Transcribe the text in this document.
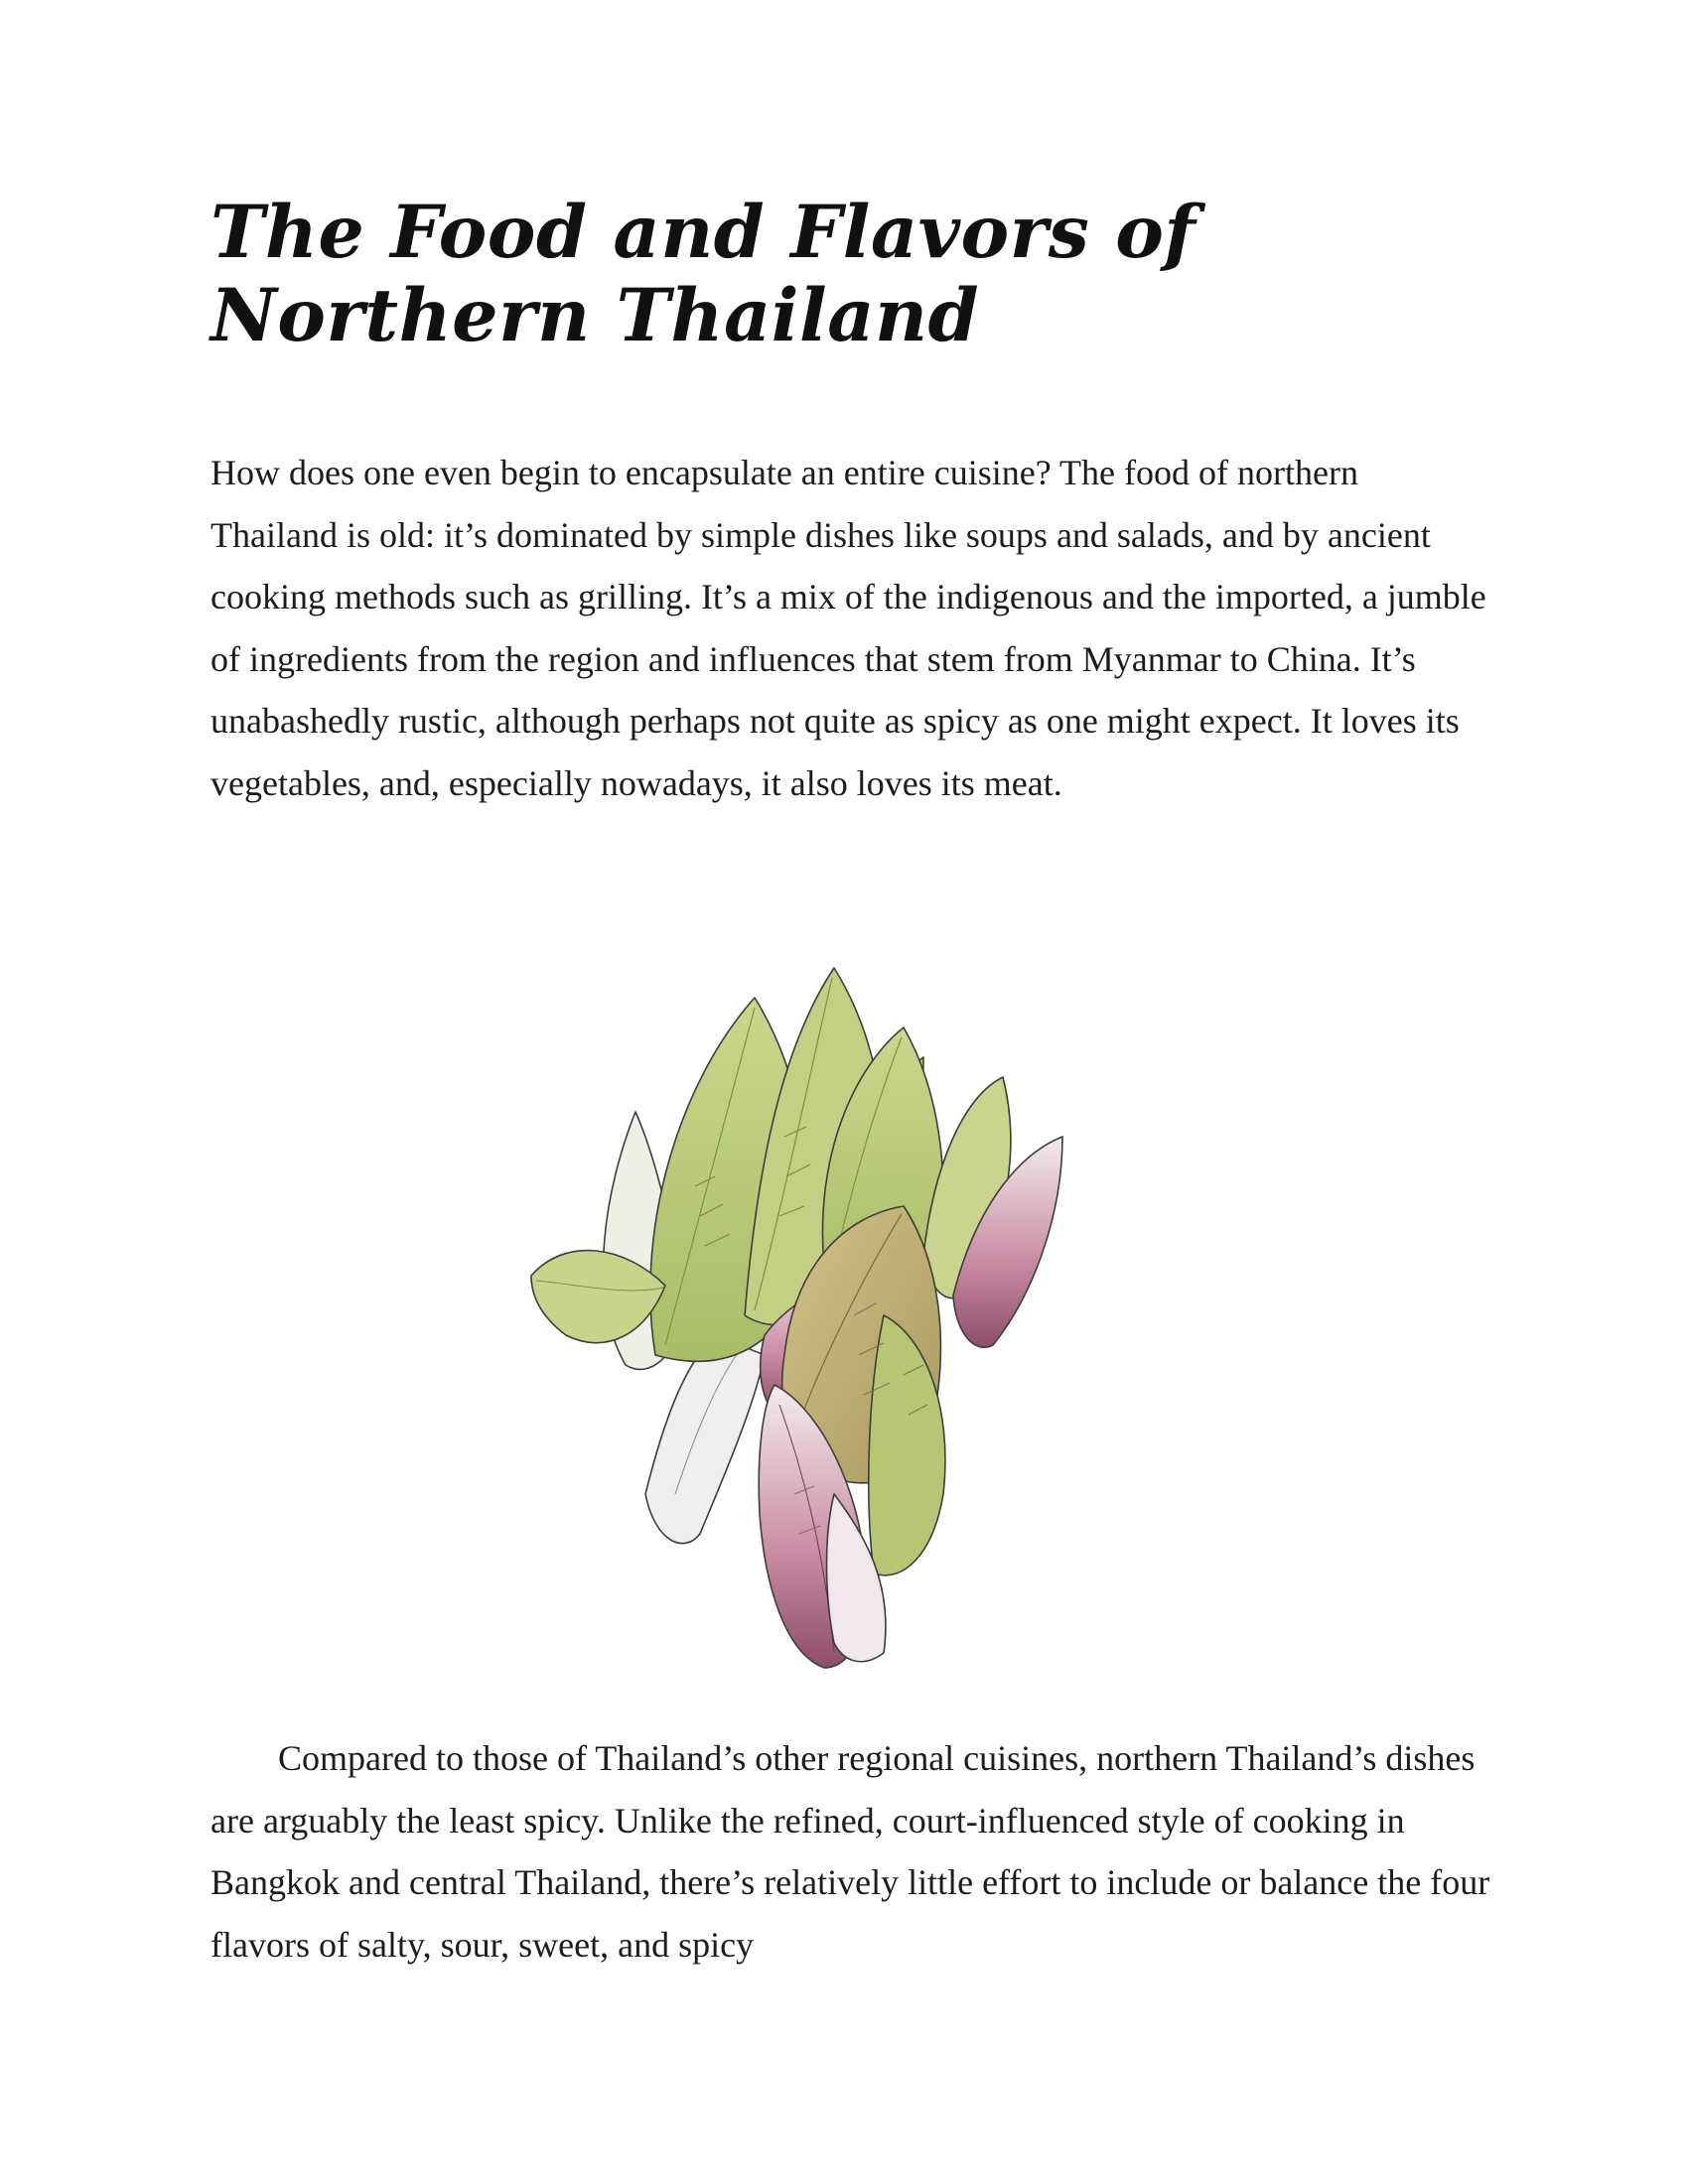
The Food and Flavors of Northern Thailand

How does one even begin to encapsulate an entire cuisine? The food of northern Thailand is old: it’s dominated by simple dishes like soups and salads, and by ancient cooking methods such as grilling. It’s a mix of the indigenous and the imported, a jumble of ingredients from the region and influences that stem from Myanmar to China. It’s unabashedly rustic, although perhaps not quite as spicy as one might expect. It loves its vegetables, and, especially nowadays, it also loves its meat.

Compared to those of Thailand’s other regional cuisines, northern Thailand’s dishes are arguably the least spicy. Unlike the refined, court-influenced style of cooking in Bangkok and central Thailand, there’s relatively little effort to include or balance the four flavors of salty, sour, sweet, and spicy
